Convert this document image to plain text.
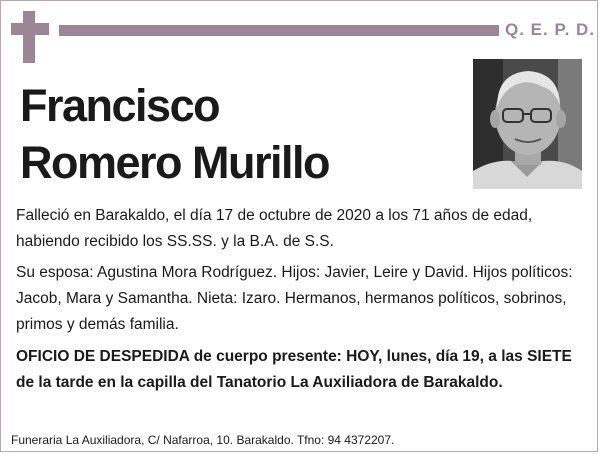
Q. E. P. D.
Francisco
Romero Murillo
Falleció en Barakaldo, el día 17 de octubre de 2020 a los 71 años de edad, habiendo recibido los SS.SS. y la B.A. de S.S.
Su esposa: Agustina Mora Rodríguez. Hijos: Javier, Leire y David. Hijos políticos: Jacob, Mara y Samantha. Nieta: Izaro. Hermanos, hermanos políticos, sobrinos, primos y demás familia.
OFICIO DE DESPEDIDA de cuerpo presente: HOY, lunes, día 19, a las SIETE de la tarde en la capilla del Tanatorio La Auxiliadora de Barakaldo.
Funeraria La Auxiliadora, C/ Nafarroa, 10. Barakaldo. Tfno: 94 4372207.
